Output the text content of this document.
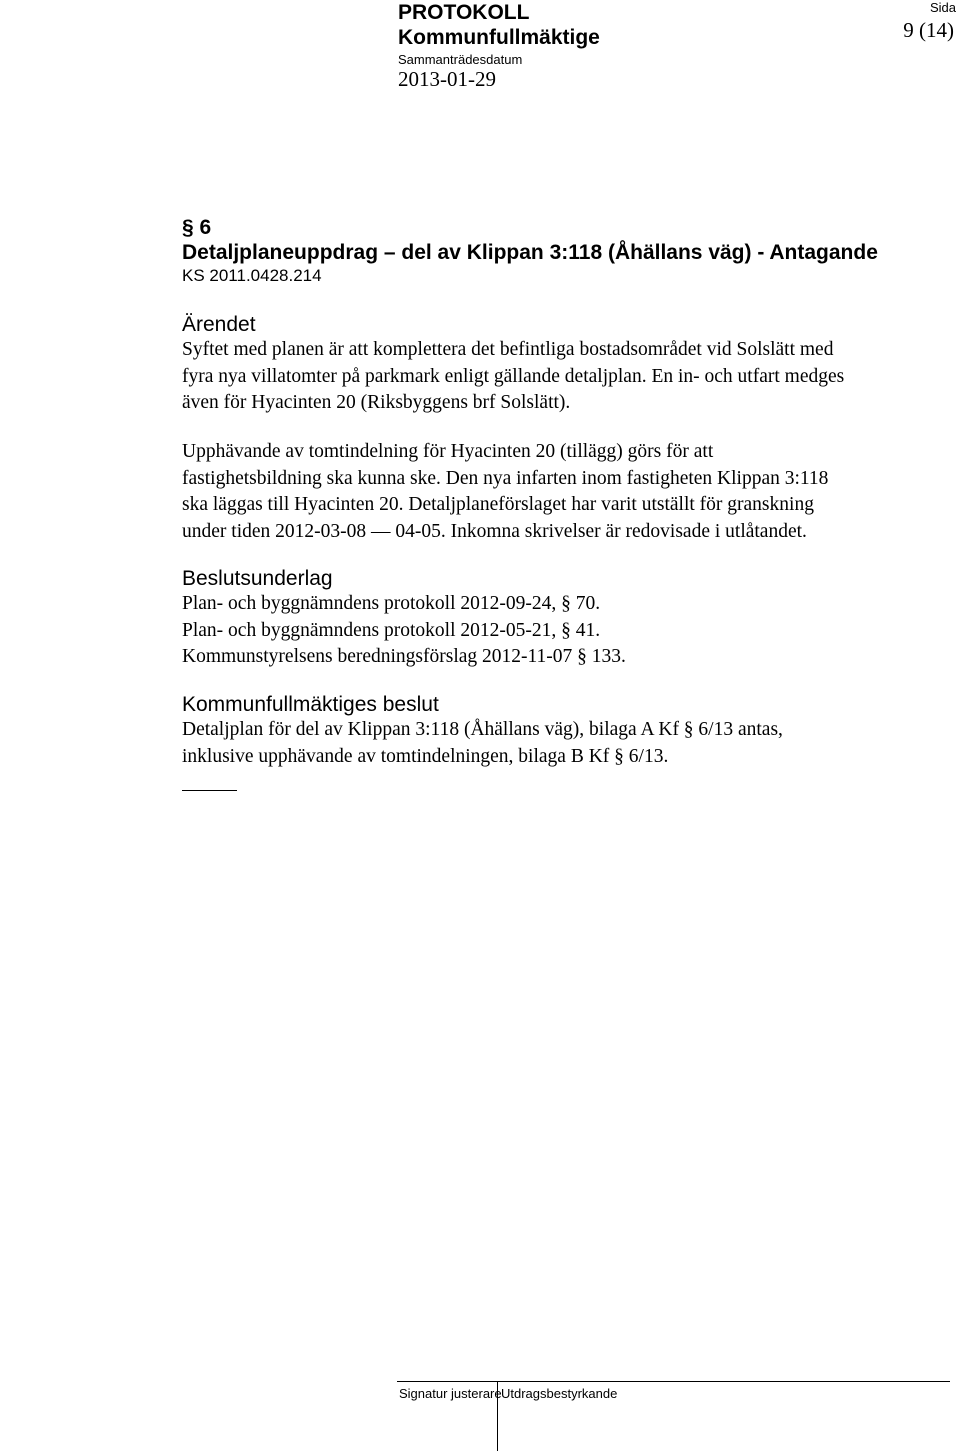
PROTOKOLL
Kommunfullmäktige
Sammanträdesdatum
2013-01-29
Sida
9 (14)
§ 6
Detaljplaneuppdrag – del av Klippan 3:118 (Åhällans väg) - Antagande
KS 2011.0428.214
Ärendet
Syftet med planen är att komplettera det befintliga bostadsområdet vid Solslätt med
fyra nya villatomter på parkmark enligt gällande detaljplan. En in- och utfart medges
även för Hyacinten 20 (Riksbyggens brf Solslätt).
Upphävande av tomtindelning för Hyacinten 20 (tillägg) görs för att
fastighetsbildning ska kunna ske. Den nya infarten inom fastigheten Klippan 3:118
ska läggas till Hyacinten 20. Detaljplaneförslaget har varit utställt för granskning
under tiden 2012-03-08 — 04-05. Inkomna skrivelser är redovisade i utlåtandet.
Beslutsunderlag
Plan- och byggnämndens protokoll 2012-09-24, § 70.
Plan- och byggnämndens protokoll 2012-05-21, § 41.
Kommunstyrelsens beredningsförslag 2012-11-07 § 133.
Kommunfullmäktiges beslut
Detaljplan för del av Klippan 3:118 (Åhällans väg), bilaga A Kf § 6/13 antas,
inklusive upphävande av tomtindelningen, bilaga B Kf § 6/13.
Signatur justerare Utdragsbestyrkande
